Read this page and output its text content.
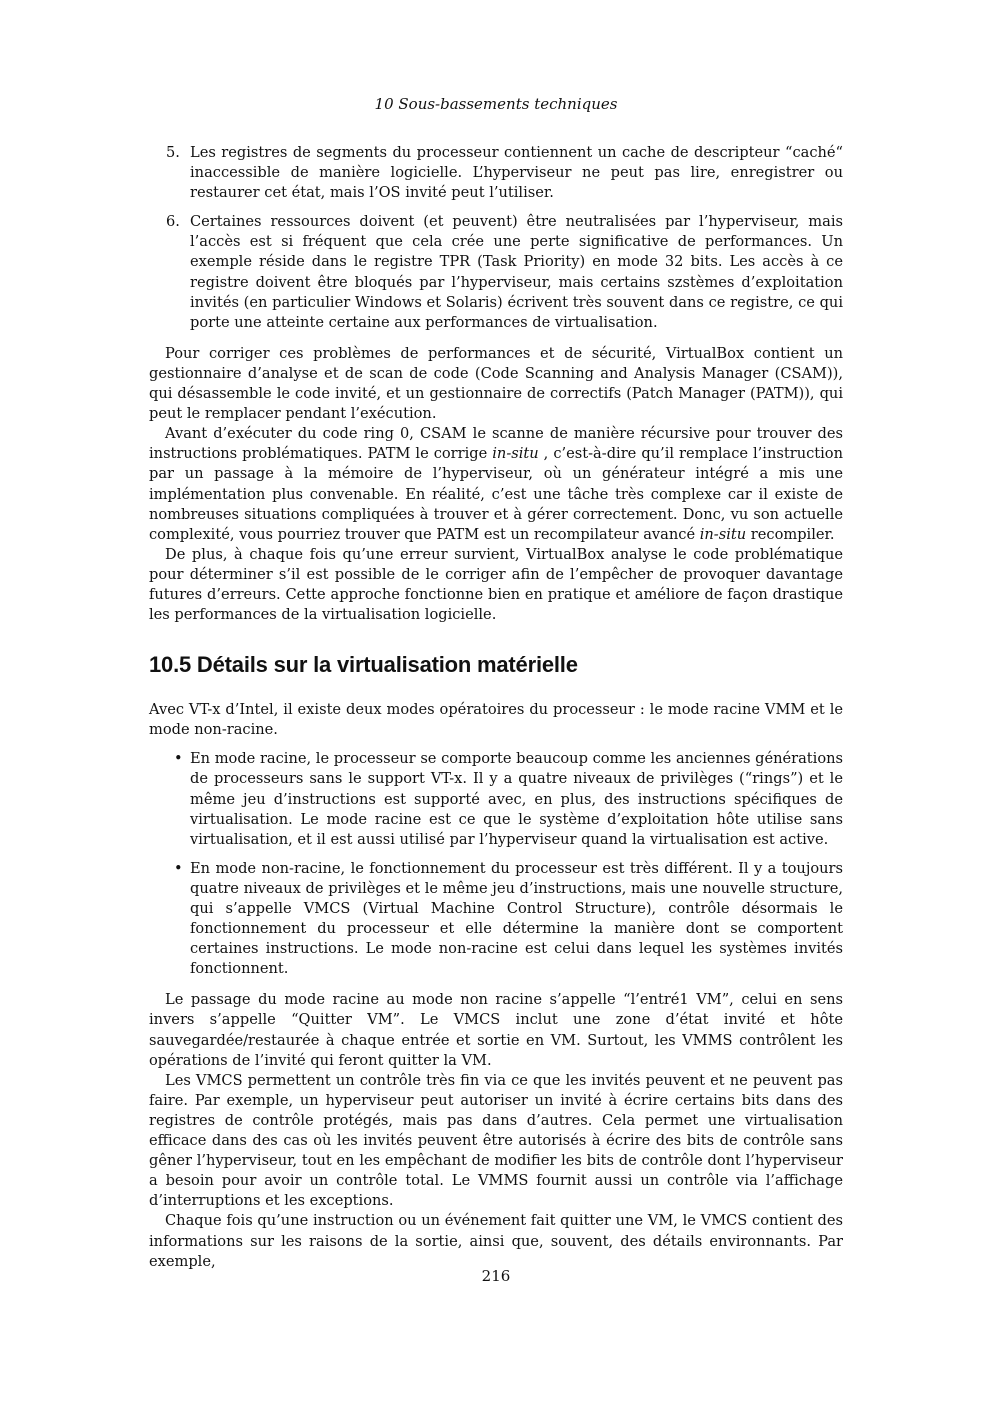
10 Sous-bassements techniques
5. Les registres de segments du processeur contiennent un cache de descripteur “caché“ inaccessible de manière logicielle. L’hyperviseur ne peut pas lire, enregistrer ou restaurer cet état, mais l’OS invité peut l’utiliser.
6. Certaines ressources doivent (et peuvent) être neutralisées par l’hyperviseur, mais l’accès est si fréquent que cela crée une perte significative de performances. Un exemple réside dans le registre TPR (Task Priority) en mode 32 bits. Les accès à ce registre doivent être bloqués par l’hyperviseur, mais certains szstèmes d’exploitation invités (en particulier Windows et Solaris) écrivent très souvent dans ce registre, ce qui porte une atteinte certaine aux performances de virtualisation.

Pour corriger ces problèmes de performances et de sécurité, VirtualBox contient un gestionnaire d’analyse et de scan de code (Code Scanning and Analysis Manager (CSAM)), qui désassemble le code invité, et un gestionnaire de correctifs (Patch Manager (PATM)), qui peut le remplacer pendant l’exécution.

Avant d’exécuter du code ring 0, CSAM le scanne de manière récursive pour trouver des instructions problématiques. PATM le corrige in-situ , c’est-à-dire qu’il remplace l’instruction par un passage à la mémoire de l’hyperviseur, où un générateur intégré a mis une implémentation plus convenable. En réalité, c’est une tâche très complexe car il existe de nombreuses situations compliquées à trouver et à gérer correctement. Donc, vu son actuelle complexité, vous pourriez trouver que PATM est un recompilateur avancé in-situ recompiler.

De plus, à chaque fois qu’une erreur survient, VirtualBox analyse le code problématique pour déterminer s’il est possible de le corriger afin de l’empêcher de provoquer davantage futures d’erreurs. Cette approche fonctionne bien en pratique et améliore de façon drastique les performances de la virtualisation logicielle.

10.5 Détails sur la virtualisation matérielle

Avec VT-x d’Intel, il existe deux modes opératoires du processeur : le mode racine VMM et le mode non-racine.

• En mode racine, le processeur se comporte beaucoup comme les anciennes générations de processeurs sans le support VT-x. Il y a quatre niveaux de privilèges (“rings”) et le même jeu d’instructions est supporté avec, en plus, des instructions spécifiques de virtualisation. Le mode racine est ce que le système d’exploitation hôte utilise sans virtualisation, et il est aussi utilisé par l’hyperviseur quand la virtualisation est active.
• En mode non-racine, le fonctionnement du processeur est très différent. Il y a toujours quatre niveaux de privilèges et le même jeu d’instructions, mais une nouvelle structure, qui s’appelle VMCS (Virtual Machine Control Structure), contrôle désormais le fonctionnement du processeur et elle détermine la manière dont se comportent certaines instructions. Le mode non-racine est celui dans lequel les systèmes invités fonctionnent.

Le passage du mode racine au mode non racine s’appelle “l’entré1 VM”, celui en sens invers s’appelle “Quitter VM”. Le VMCS inclut une zone d’état invité et hôte sauvegardée/restaurée à chaque entrée et sortie en VM. Surtout, les VMMS contrôlent les opérations de l’invité qui feront quitter la VM.

Les VMCS permettent un contrôle très fin via ce que les invités peuvent et ne peuvent pas faire. Par exemple, un hyperviseur peut autoriser un invité à écrire certains bits dans des registres de contrôle protégés, mais pas dans d’autres. Cela permet une virtualisation efficace dans des cas où les invités peuvent être autorisés à écrire des bits de contrôle sans gêner l’hyperviseur, tout en les empêchant de modifier les bits de contrôle dont l’hyperviseur a besoin pour avoir un contrôle total. Le VMMS fournit aussi un contrôle via l’affichage d’interruptions et les exceptions.

Chaque fois qu’une instruction ou un événement fait quitter une VM, le VMCS contient des informations sur les raisons de la sortie, ainsi que, souvent, des détails environnants. Par exemple,

216
